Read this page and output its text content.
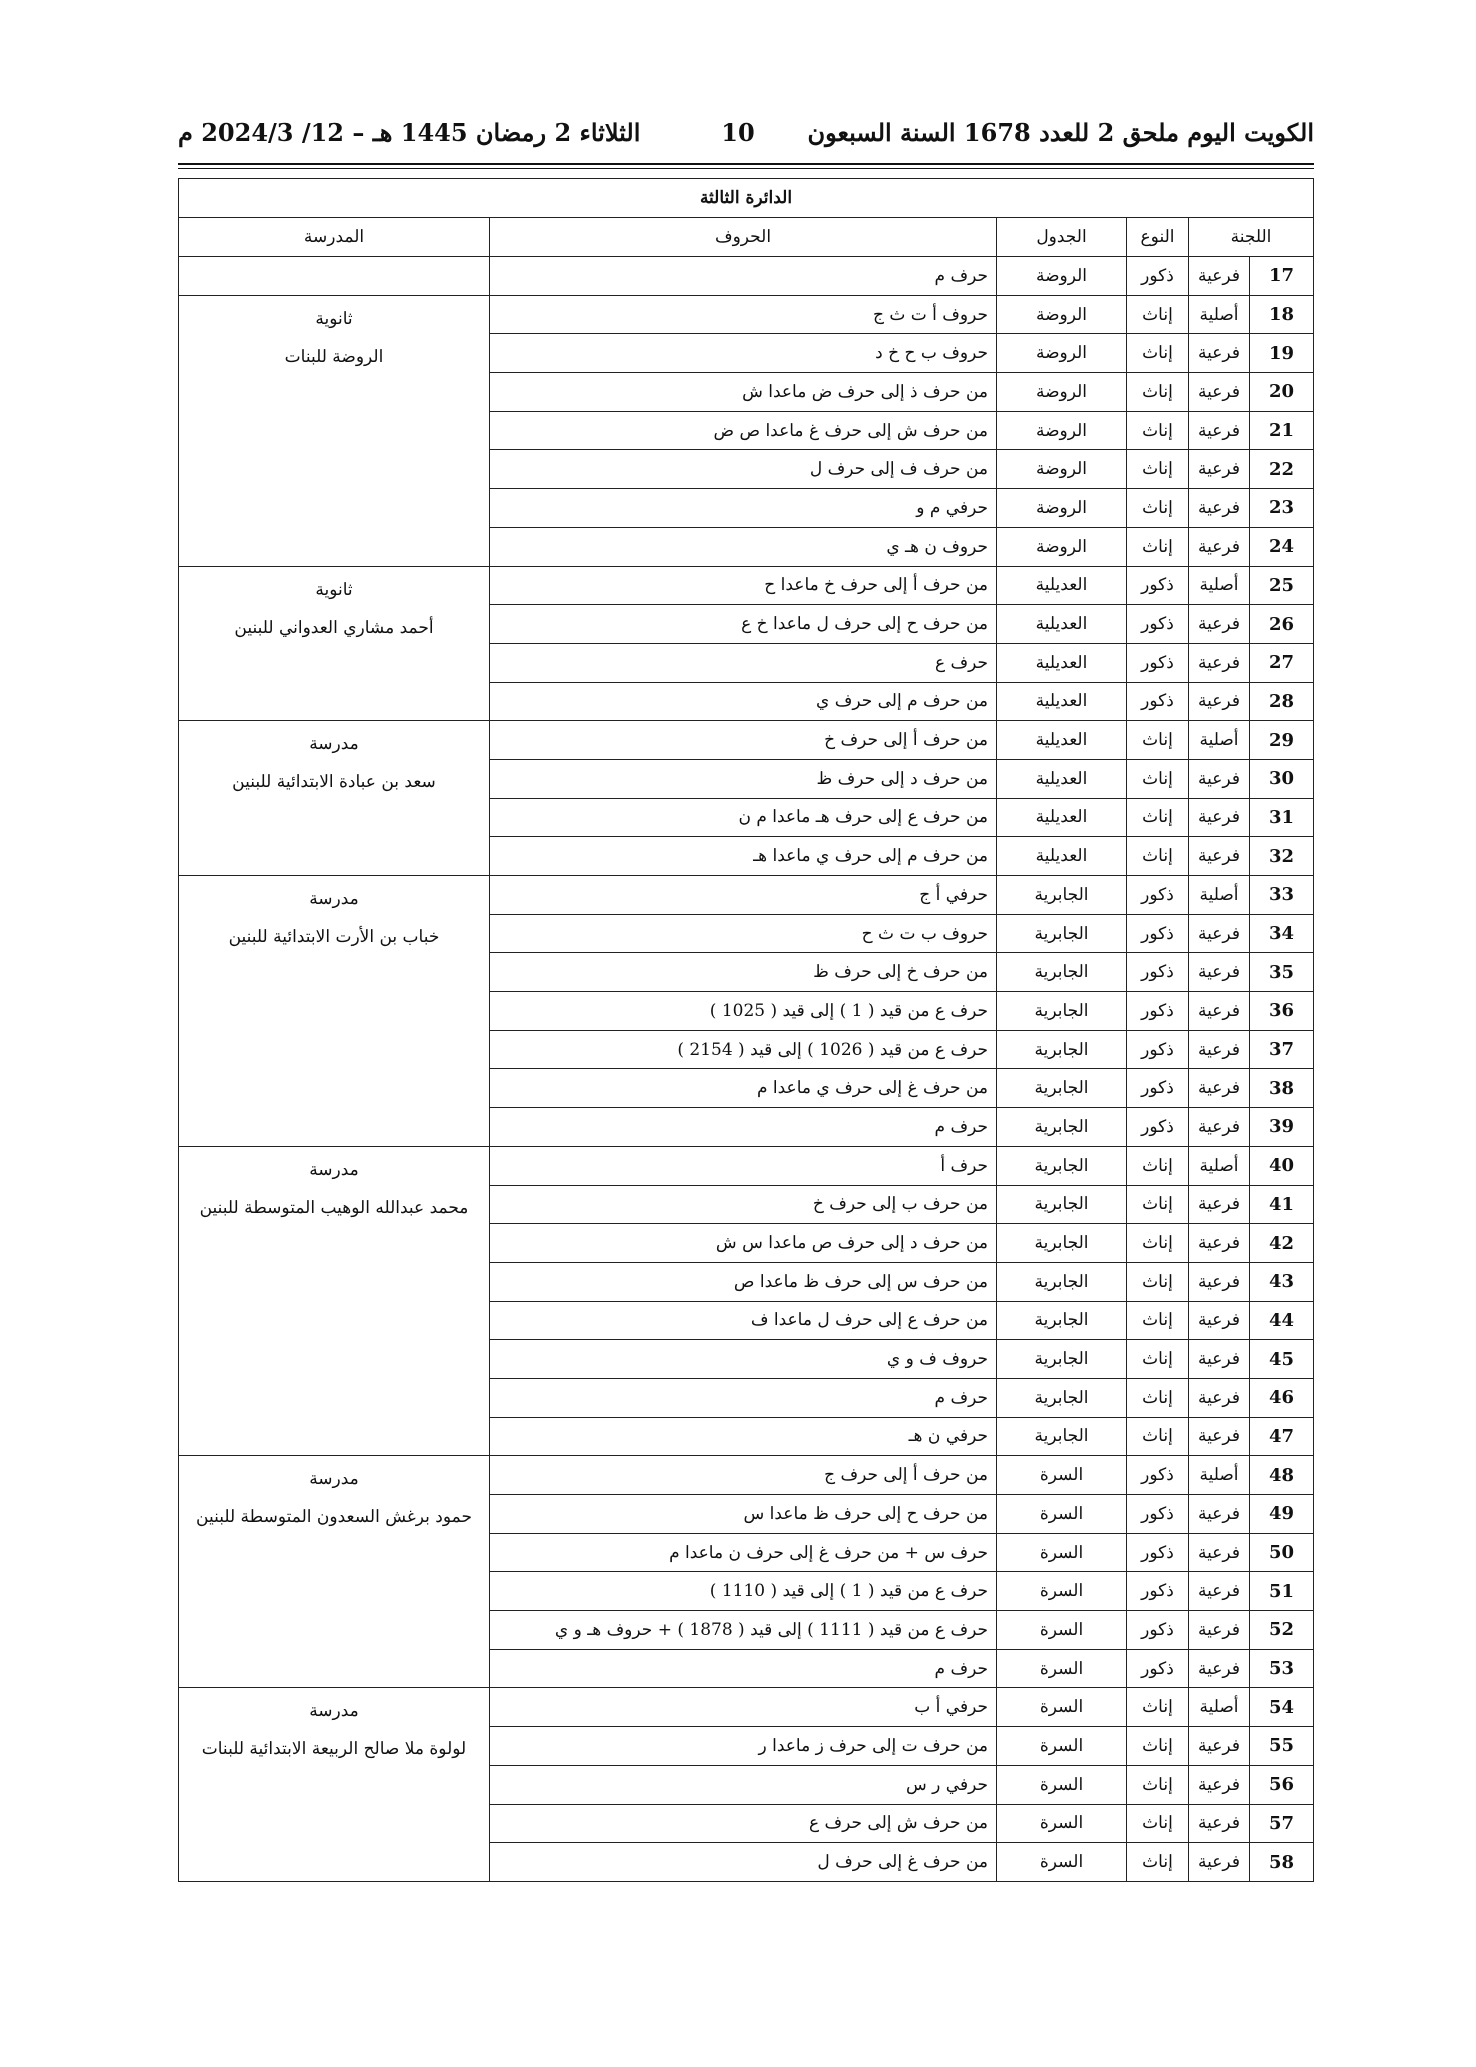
الكويت اليوم ملحق 2 للعدد 1678 السنة السبعون
10
الثلاثاء 2 رمضان 1445 هـ – 12/ 2024/3 م
الدائرة الثالثة					
اللجنة		النوع	الجدول	الحروف	المدرسة
17	فرعية	ذكور	الروضة	حرف م	

18	أصلية	إناث	الروضة	حروف أ ت ث ج	ثانوية
الروضة للبنات

19	فرعية	إناث	الروضة	حروف ب ح خ د	
20	فرعية	إناث	الروضة	من حرف ذ إلى حرف ض ماعدا ش	
21	فرعية	إناث	الروضة	من حرف ش إلى حرف غ ماعدا ص ض	
22	فرعية	إناث	الروضة	من حرف ف إلى حرف ل	
23	فرعية	إناث	الروضة	حرفي م و	
24	فرعية	إناث	الروضة	حروف ن هـ ي	
25	أصلية	ذكور	العديلية	من حرف أ إلى حرف خ ماعدا ح	ثانوية
أحمد مشاري العدواني للبنين

26	فرعية	ذكور	العديلية	من حرف ح إلى حرف ل ماعدا خ ع	
27	فرعية	ذكور	العديلية	حرف ع	
28	فرعية	ذكور	العديلية	من حرف م إلى حرف ي	
29	أصلية	إناث	العديلية	من حرف أ إلى حرف خ	مدرسة
سعد بن عبادة الابتدائية للبنين

30	فرعية	إناث	العديلية	من حرف د إلى حرف ظ	
31	فرعية	إناث	العديلية	من حرف ع إلى حرف هـ ماعدا م ن	
32	فرعية	إناث	العديلية	من حرف م إلى حرف ي ماعدا هـ	
33	أصلية	ذكور	الجابرية	حرفي أ ج	مدرسة
خباب بن الأرت الابتدائية للبنين

34	فرعية	ذكور	الجابرية	حروف ب ت ث ح	
35	فرعية	ذكور	الجابرية	من حرف خ إلى حرف ظ	
36	فرعية	ذكور	الجابرية	حرف ع من قيد ( 1 ) إلى قيد ( 1025 )	
37	فرعية	ذكور	الجابرية	حرف ع من قيد ( 1026 ) إلى قيد ( 2154 )	
38	فرعية	ذكور	الجابرية	من حرف غ إلى حرف ي ماعدا م	
39	فرعية	ذكور	الجابرية	حرف م	
40	أصلية	إناث	الجابرية	حرف أ	مدرسة
محمد عبدالله الوهيب المتوسطة للبنين

41	فرعية	إناث	الجابرية	من حرف ب إلى حرف خ	
42	فرعية	إناث	الجابرية	من حرف د إلى حرف ص ماعدا س ش	
43	فرعية	إناث	الجابرية	من حرف س إلى حرف ظ ماعدا ص	
44	فرعية	إناث	الجابرية	من حرف ع إلى حرف ل ماعدا ف	
45	فرعية	إناث	الجابرية	حروف ف و ي	
46	فرعية	إناث	الجابرية	حرف م	
47	فرعية	إناث	الجابرية	حرفي ن هـ	
48	أصلية	ذكور	السرة	من حرف أ إلى حرف ج	مدرسة
حمود برغش السعدون المتوسطة للبنين

49	فرعية	ذكور	السرة	من حرف ح إلى حرف ظ ماعدا س	
50	فرعية	ذكور	السرة	حرف س + من حرف غ إلى حرف ن ماعدا م	
51	فرعية	ذكور	السرة	حرف ع من قيد ( 1 ) إلى قيد ( 1110 )	
52	فرعية	ذكور	السرة	حرف ع من قيد ( 1111 ) إلى قيد ( 1878 ) + حروف هـ و ي	
53	فرعية	ذكور	السرة	حرف م	
54	أصلية	إناث	السرة	حرفي أ ب	مدرسة
لولوة ملا صالح الربيعة الابتدائية للبنات

55	فرعية	إناث	السرة	من حرف ت إلى حرف ز ماعدا ر	
56	فرعية	إناث	السرة	حرفي ر س	
57	فرعية	إناث	السرة	من حرف ش إلى حرف ع	
58	فرعية	إناث	السرة	من حرف غ إلى حرف ل	
